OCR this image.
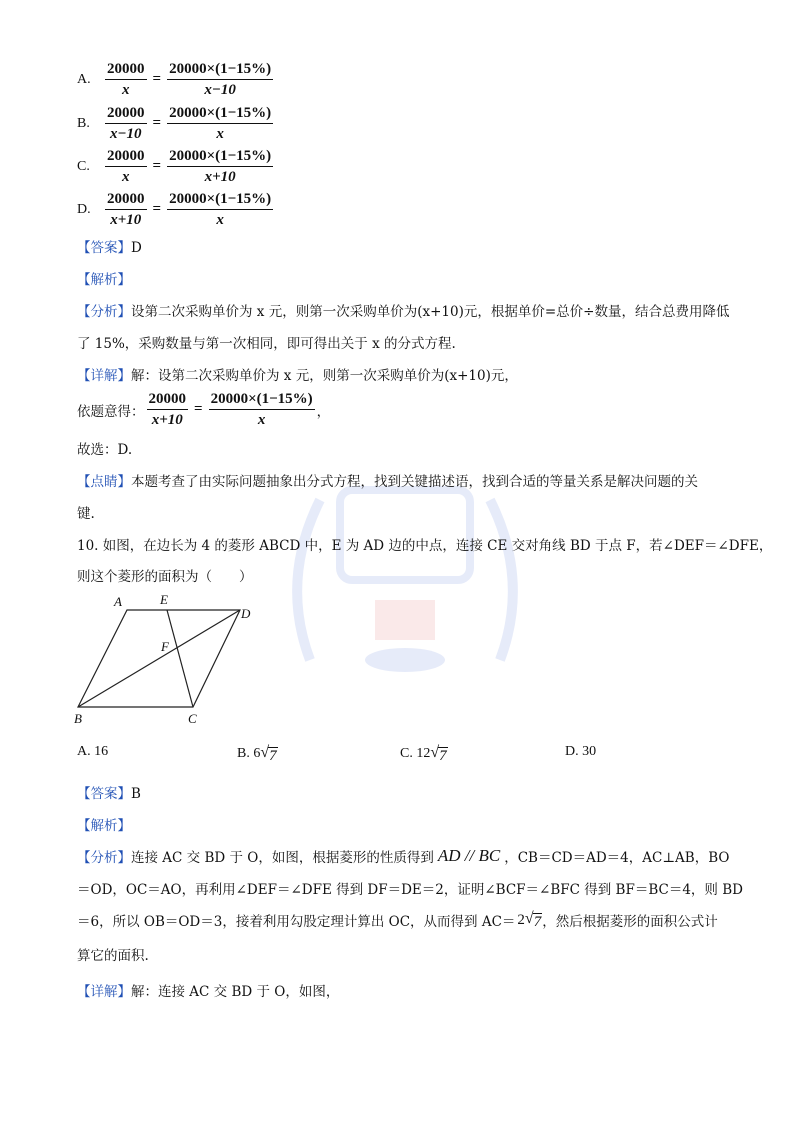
A. $\frac{20000}{x} = \frac{20000\times(1-15\%)}{x-10}$
B.	$\frac{20000}{x-10} = \frac{20000\times(1-15\%)}{x}$
C.	$\frac{20000}{x} = \frac{20000\times(1-15\%)}{x+10}$
D. $\frac{20000}{x+10} = \frac{20000\times(1-15\%)}{x}$
【答案】D
【解析】
【分析】设第二次采购单价为 x 元，则第一次采购单价为(x+10)元，根据单价=总价÷数量，结合总费用降低
了 15%，采购数量与第一次相同，即可得出关于 x 的分式方程.
【详解】解：设第二次采购单价为 x 元，则第一次采购单价为(x+10)元，
依题意得： $\frac{20000}{x+10} = \frac{20000\times(1-15\%)}{x}$ ，
故选：D.
【点睛】本题考查了由实际问题抽象出分式方程，找到关键描述语，找到合适的等量关系是解决问题的关
键.
10. 如图，在边长为 4 的菱形 ABCD 中，E 为 AD 边的中点，连接 CE 交对角线 BD 于点 F，若∠DEF＝∠DFE，
则这个菱形的面积为（　　）
A	E
D
F
B	C
A. 16	B. 6 √ 7	C. 12 √ 7	D. 30
【答案】B
【解析】
【分析】 连接 AC 交 BD 于 O，如图，根据菱形的性质得到 AD // BC ，CB＝CD＝AD＝4，AC⊥AB，BO
＝OD，OC＝AO，再利用∠DEF＝∠DFE 得到 DF＝DE＝2，证明∠BCF＝∠BFC 得到 BF＝BC＝4，则 BD
＝6，所以 OB＝OD＝3，接着利用勾股定理计算出 OC，从而得到 AC＝ 2 √ 7 ，然后根据菱形的面积公式计
算它的面积.
【详解】解：连接 AC 交 BD 于 O，如图，
